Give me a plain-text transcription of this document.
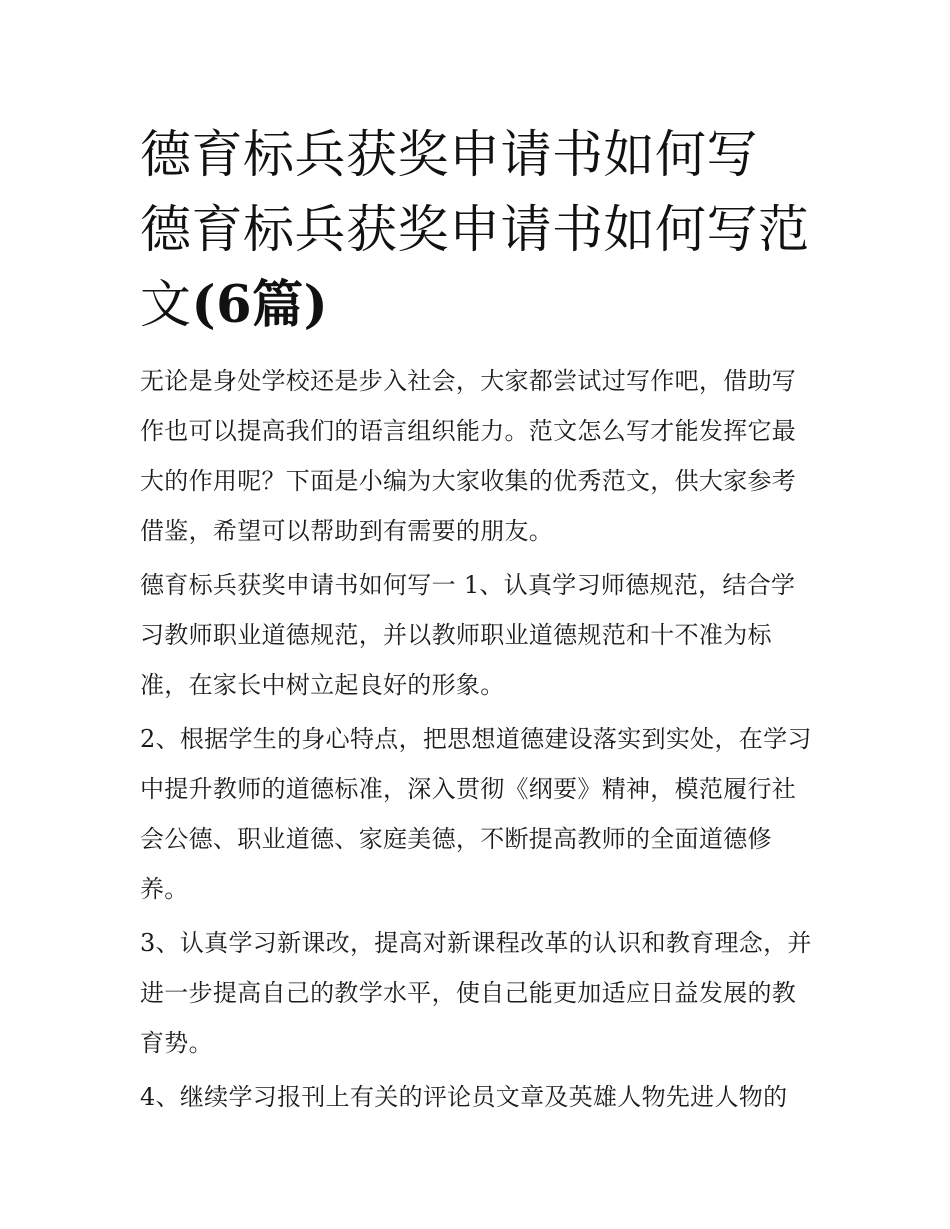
德育标兵获奖申请书如何写 德育标兵获奖申请书如何写范文(6篇)

无论是身处学校还是步入社会，大家都尝试过写作吧，借助写作也可以提高我们的语言组织能力。范文怎么写才能发挥它最大的作用呢？下面是小编为大家收集的优秀范文，供大家参考借鉴，希望可以帮助到有需要的朋友。

德育标兵获奖申请书如何写一 1、认真学习师德规范，结合学习教师职业道德规范，并以教师职业道德规范和十不准为标准，在家长中树立起良好的形象。

2、根据学生的身心特点，把思想道德建设落实到实处，在学习中提升教师的道德标准，深入贯彻《纲要》精神，模范履行社会公德、职业道德、家庭美德，不断提高教师的全面道德修养。

3、认真学习新课改，提高对新课程改革的认识和教育理念，并进一步提高自己的教学水平，使自己能更加适应日益发展的教育势。

4、继续学习报刊上有关的评论员文章及英雄人物先进人物的
